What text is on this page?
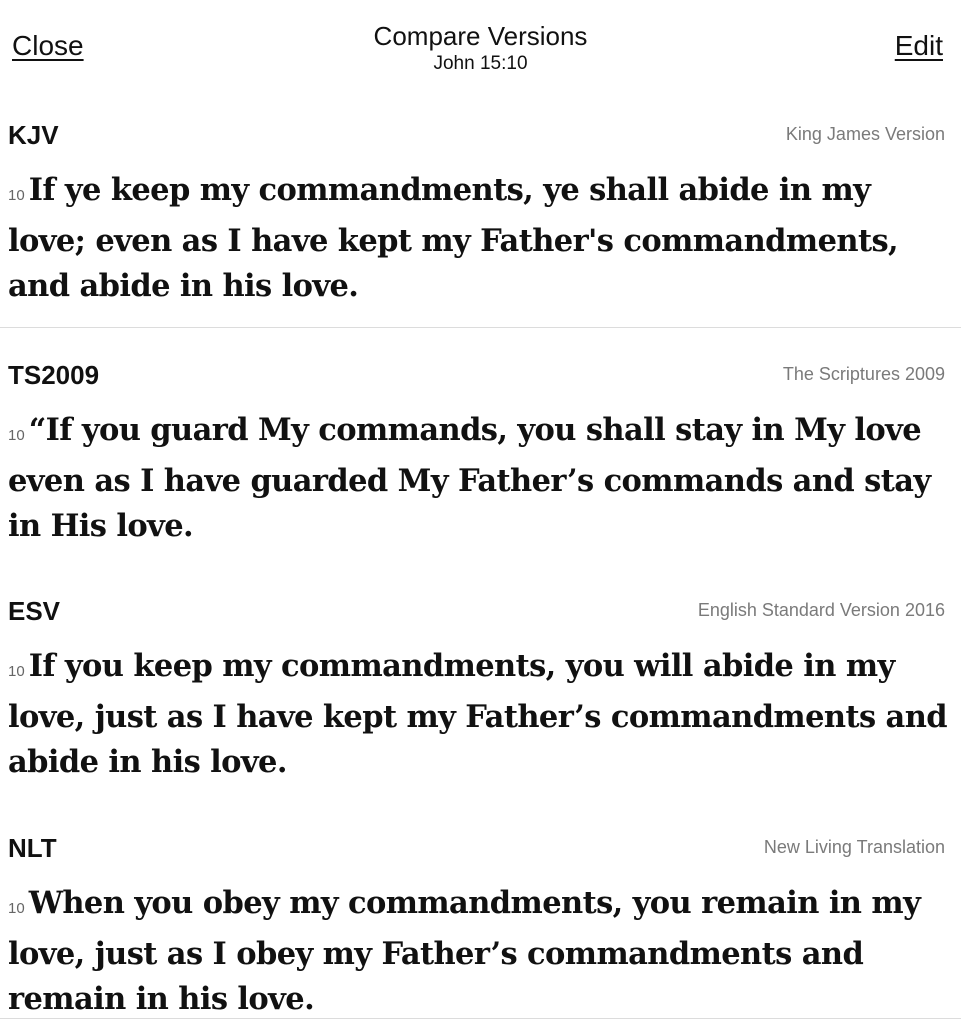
Close	Compare Versions
John 15:10
Edit
KJV	King James Version
10 If ye keep my commandments, ye shall abide in my love; even as I have kept my Father's commandments, and abide in his love.
TS2009	The Scriptures 2009
10 “If you guard My commands, you shall stay in My love even as I have guarded My Father’s commands and stay in His love.
ESV	English Standard Version 2016
10 If you keep my commandments, you will abide in my love, just as I have kept my Father’s commandments and abide in his love.
NLT	New Living Translation
10 When you obey my commandments, you remain in my love, just as I obey my Father’s commandments and remain in his love.
